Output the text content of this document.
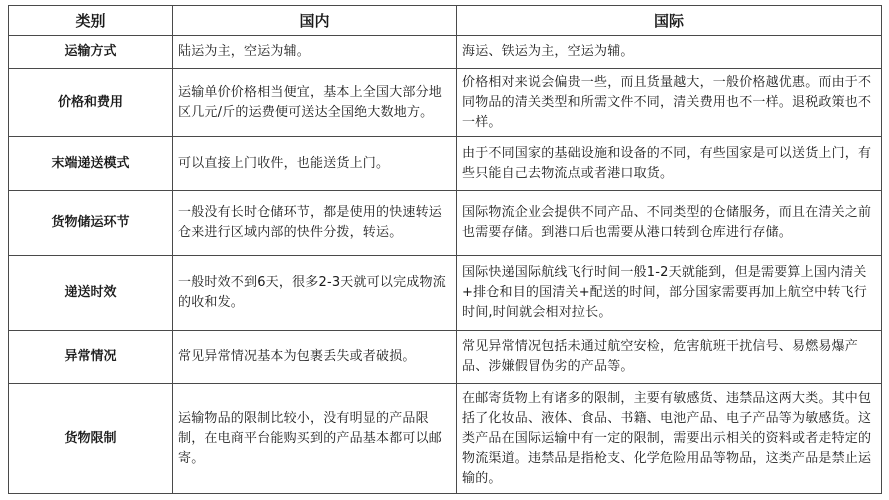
类别	国内	国际
运输方式	陆运为主，空运为辅。	海运、铁运为主，空运为辅。
价格和费用	运输单价价格相当便宜，基本上全国大部分地区几元/斤的运费便可送达全国绝大数地方。	价格相对来说会偏贵一些，而且货量越大，一般价格越优惠。而由于不同物品的清关类型和所需文件不同，清关费用也不一样。退税政策也不一样。
末端递送模式	可以直接上门收件，也能送货上门。	由于不同国家的基础设施和设备的不同，有些国家是可以送货上门，有些只能自己去物流点或者港口取货。
货物储运环节	一般没有长时仓储环节，都是使用的快速转运仓来进行区域内部的快件分拨，转运。	国际物流企业会提供不同产品、不同类型的仓储服务，而且在清关之前也需要存储。到港口后也需要从港口转到仓库进行存储。
递送时效	一般时效不到6天，很多2-3天就可以完成物流的收和发。	国际快递国际航线飞行时间一般1-2天就能到，但是需要算上国内清关+排仓和目的国清关+配送的时间，部分国家需要再加上航空中转飞行时间,时间就会相对拉长。
异常情况	常见异常情况基本为包裹丢失或者破损。	常见异常情况包括未通过航空安检，危害航班干扰信号、易燃易爆产品、涉嫌假冒伪劣的产品等。
货物限制	运输物品的限制比较小，没有明显的产品限制，在电商平台能购买到的产品基本都可以邮寄。	在邮寄货物上有诸多的限制，主要有敏感货、违禁品这两大类。其中包括了化妆品、液体、食品、书籍、电池产品、电子产品等为敏感货。这类产品在国际运输中有一定的限制，需要出示相关的资料或者走特定的物流渠道。违禁品是指枪支、化学危险用品等物品，这类产品是禁止运输的。
